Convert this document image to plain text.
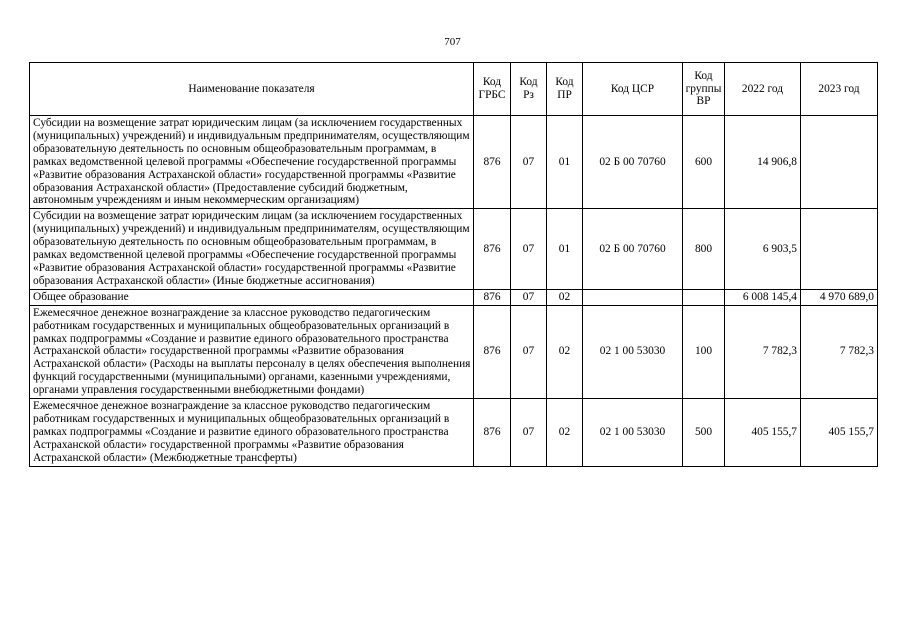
707
Наименование показателя	Код ГРБС	Код Рз	Код ПР	Код ЦСР	Код группы ВР	2022 год	2023 год
Субсидии на возмещение затрат юридическим лицам (за исключением государственных (муниципальных) учреждений) и индивидуальным предпринимателям, осуществляющим образовательную деятельность по основным общеобразовательным программам, в рамках ведомственной целевой программы «Обеспечение государственной программы «Развитие образования Астраханской области» государственной программы «Развитие образования Астраханской области» (Предоставление субсидий бюджетным, автономным учреждениям и иным некоммерческим организациям)	876	07	01	02 Б 00 70760	600	14 906,8	
Субсидии на возмещение затрат юридическим лицам (за исключением государственных (муниципальных) учреждений) и индивидуальным предпринимателям, осуществляющим образовательную деятельность по основным общеобразовательным программам, в рамках ведомственной целевой программы «Обеспечение государственной программы «Развитие образования Астраханской области» государственной программы «Развитие образования Астраханской области» (Иные бюджетные ассигнования)	876	07	01	02 Б 00 70760	800	6 903,5	
Общее образование	876	07	02			6 008 145,4	4 970 689,0
Ежемесячное денежное вознаграждение за классное руководство педагогическим работникам государственных и муниципальных общеобразовательных организаций в рамках подпрограммы «Создание и развитие единого образовательного пространства Астраханской области» государственной программы «Развитие образования Астраханской области» (Расходы на выплаты персоналу в целях обеспечения выполнения функций государственными (муниципальными) органами, казенными учреждениями, органами управления государственными внебюджетными фондами)	876	07	02	02 1 00 53030	100	7 782,3	7 782,3
Ежемесячное денежное вознаграждение за классное руководство педагогическим работникам государственных и муниципальных общеобразовательных организаций в рамках подпрограммы «Создание и развитие единого образовательного пространства Астраханской области» государственной программы «Развитие образования Астраханской области» (Межбюджетные трансферты)	876	07	02	02 1 00 53030	500	405 155,7	405 155,7
